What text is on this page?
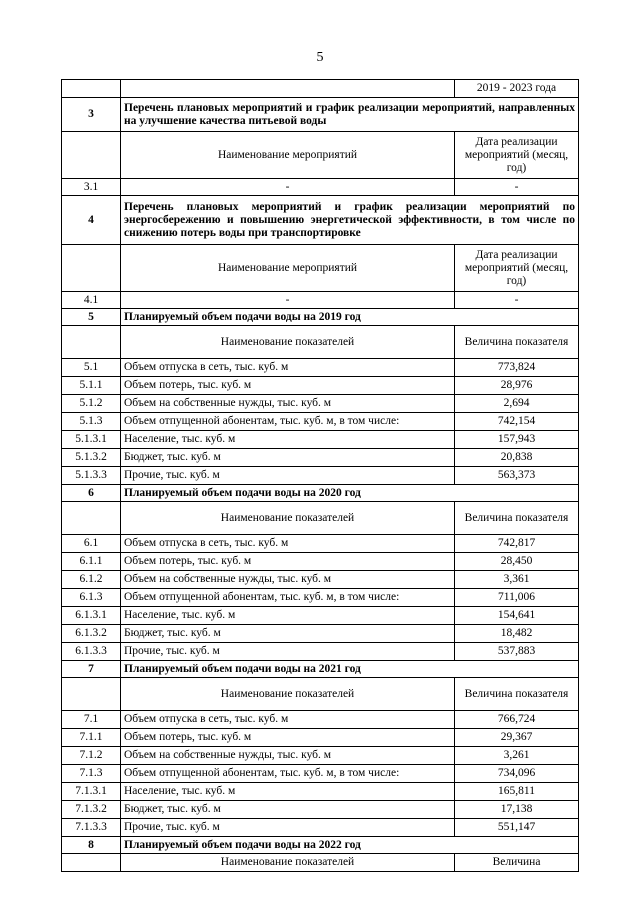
5
		2019 - 2023 года
3	Перечень плановых мероприятий и график реализации мероприятий, направленных на улучшение качества питьевой воды	
	Наименование мероприятий	Дата реализации мероприятий (месяц, год)
3.1	-	-
4	Перечень плановых мероприятий и график реализации мероприятий по энергосбережению и повышению энергетической эффективности, в том числе по снижению потерь воды при транспортировке	
	Наименование мероприятий	Дата реализации мероприятий (месяц, год)
4.1	-	-
5	Планируемый объем подачи воды на 2019 год	
	Наименование показателей	Величина показателя
5.1	Объем отпуска в сеть, тыс. куб. м	773,824
5.1.1	Объем потерь, тыс. куб. м	28,976
5.1.2	Объем на собственные нужды, тыс. куб. м	2,694
5.1.3	Объем отпущенной абонентам, тыс. куб. м, в том числе:	742,154
5.1.3.1	Население, тыс. куб. м	157,943
5.1.3.2	Бюджет, тыс. куб. м	20,838
5.1.3.3	Прочие, тыс. куб. м	563,373
6	Планируемый объем подачи воды на 2020 год	
	Наименование показателей	Величина показателя
6.1	Объем отпуска в сеть, тыс. куб. м	742,817
6.1.1	Объем потерь, тыс. куб. м	28,450
6.1.2	Объем на собственные нужды, тыс. куб. м	3,361
6.1.3	Объем отпущенной абонентам, тыс. куб. м, в том числе:	711,006
6.1.3.1	Население, тыс. куб. м	154,641
6.1.3.2	Бюджет, тыс. куб. м	18,482
6.1.3.3	Прочие, тыс. куб. м	537,883
7	Планируемый объем подачи воды на 2021 год	
	Наименование показателей	Величина показателя
7.1	Объем отпуска в сеть, тыс. куб. м	766,724
7.1.1	Объем потерь, тыс. куб. м	29,367
7.1.2	Объем на собственные нужды, тыс. куб. м	3,261
7.1.3	Объем отпущенной абонентам, тыс. куб. м, в том числе:	734,096
7.1.3.1	Население, тыс. куб. м	165,811
7.1.3.2	Бюджет, тыс. куб. м	17,138
7.1.3.3	Прочие, тыс. куб. м	551,147
8	Планируемый объем подачи воды на 2022 год	
	Наименование показателей	Величина
